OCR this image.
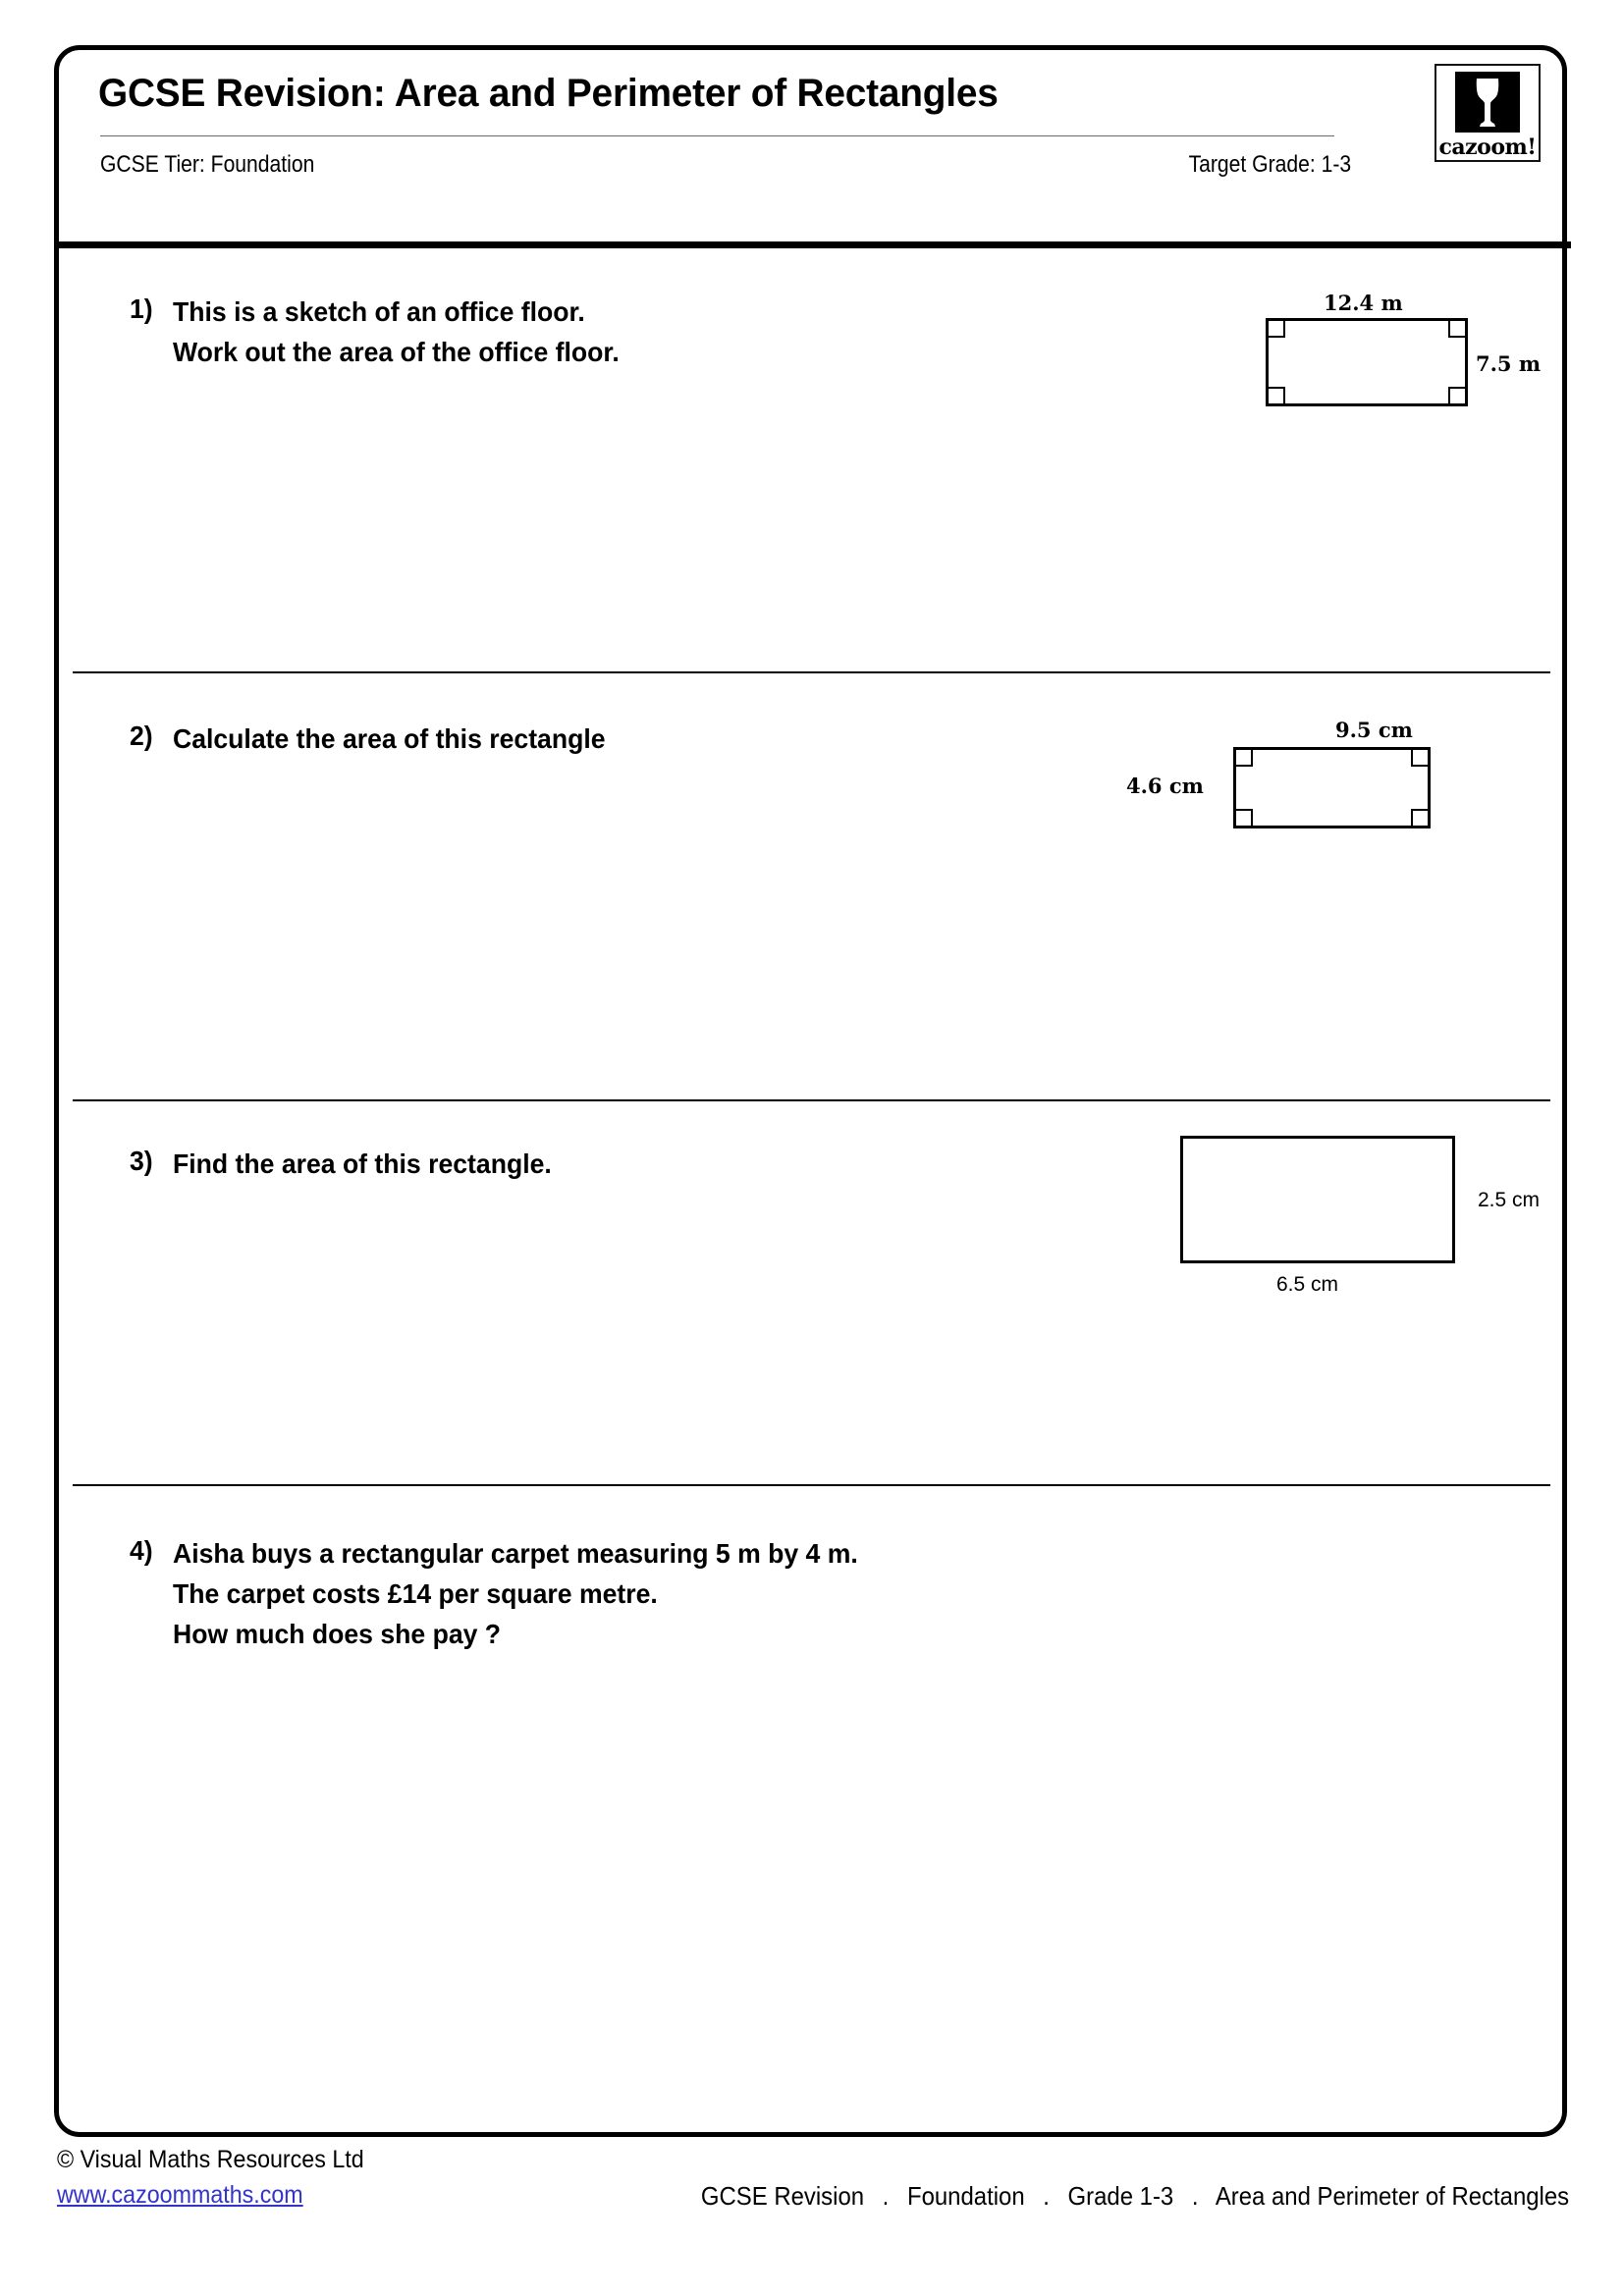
GCSE Revision: Area and Perimeter of Rectangles
GCSE Tier: Foundation	Target Grade: 1-3
cazoom!
1) This is a sketch of an office floor.
Work out the area of the office floor.
12.4 m
7.5 m
2) Calculate the area of this rectangle	9.5 cm
4.6 cm
3) Find the area of this rectangle.
2.5 cm
6.5 cm
4) Aisha buys a rectangular carpet measuring 5 m by 4 m.
The carpet costs £14 per square metre.
How much does she pay ?
© Visual Maths Resources Ltd
www.cazoommaths.com	GCSE Revision . Foundation . Grade 1-3 . Area and Perimeter of Rectangles
